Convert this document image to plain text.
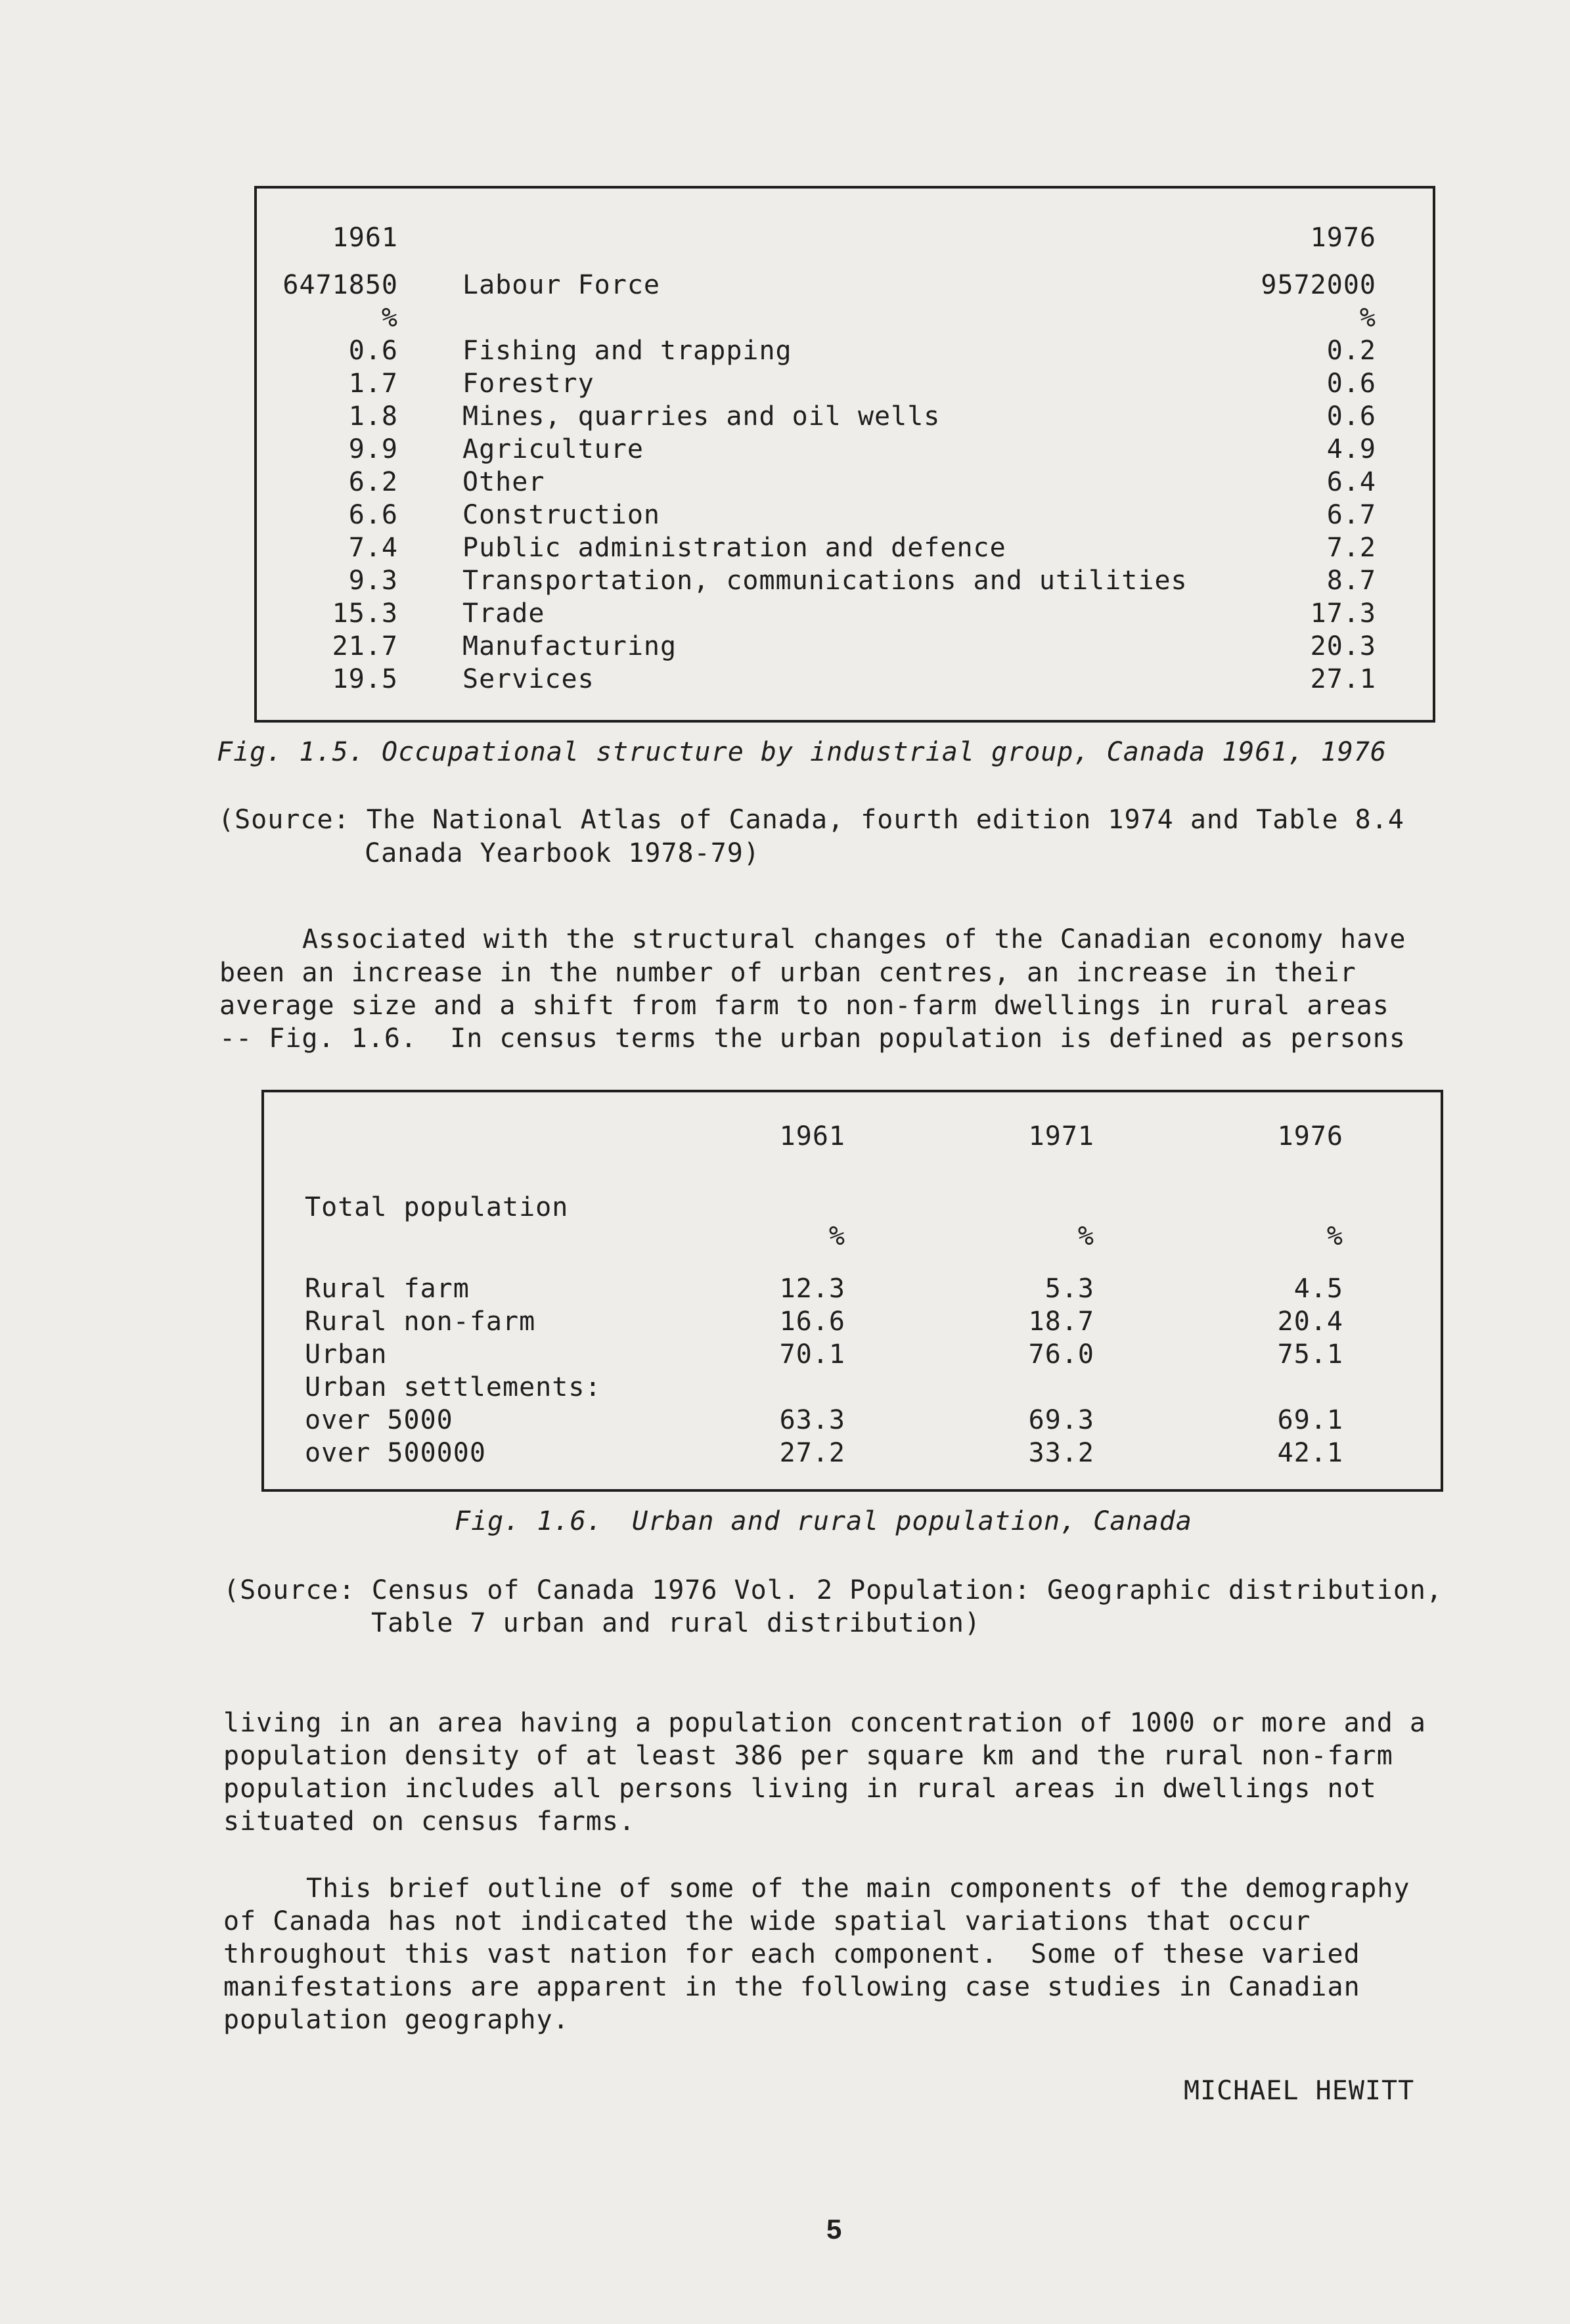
1961	1976
6471850 Labour Force	9572000
%	%
0.6 Fishing and trapping	0.2
1.7 Forestry	0.6
1.8 Mines, quarries and oil wells	0.6
9.9 Agriculture	4.9
6.2 Other	6.4
6.6 Construction	6.7
7.4 Public administration and defence	7.2
9.3 Transportation, communications and utilities	8.7
15.3 Trade	17.3
21.7 Manufacturing	20.3
19.5 Services	27.1
Fig. 1.5. Occupational structure by industrial group, Canada 1961, 1976
(Source: The National Atlas of Canada, fourth edition 1974 and Table 8.4
Canada Yearbook 1978-79)
Associated with the structural changes of the Canadian economy have
been an increase in the number of urban centres, an increase in their
average size and a shift from farm to non-farm dwellings in rural areas
-- Fig. 1.6.  In census terms the urban population is defined as persons
1961	1971	1976
Total population
%	%	%
Rural farm	12.3	5.3	4.5
Rural non-farm	16.6	18.7	20.4
Urban	70.1	76.0	75.1
Urban settlements:
over 5000	63.3	69.3	69.1
over 500000	27.2	33.2	42.1
Fig. 1.6. Urban and rural population, Canada
(Source: Census of Canada 1976 Vol. 2 Population: Geographic distribution,
Table 7 urban and rural distribution)
living in an area having a population concentration of 1000 or more and a
population density of at least 386 per square km and the rural non-farm
population includes all persons living in rural areas in dwellings not
situated on census farms.
This brief outline of some of the main components of the demography
of Canada has not indicated the wide spatial variations that occur
throughout this vast nation for each component.  Some of these varied
manifestations are apparent in the following case studies in Canadian
population geography.
MICHAEL HEWITT
5
